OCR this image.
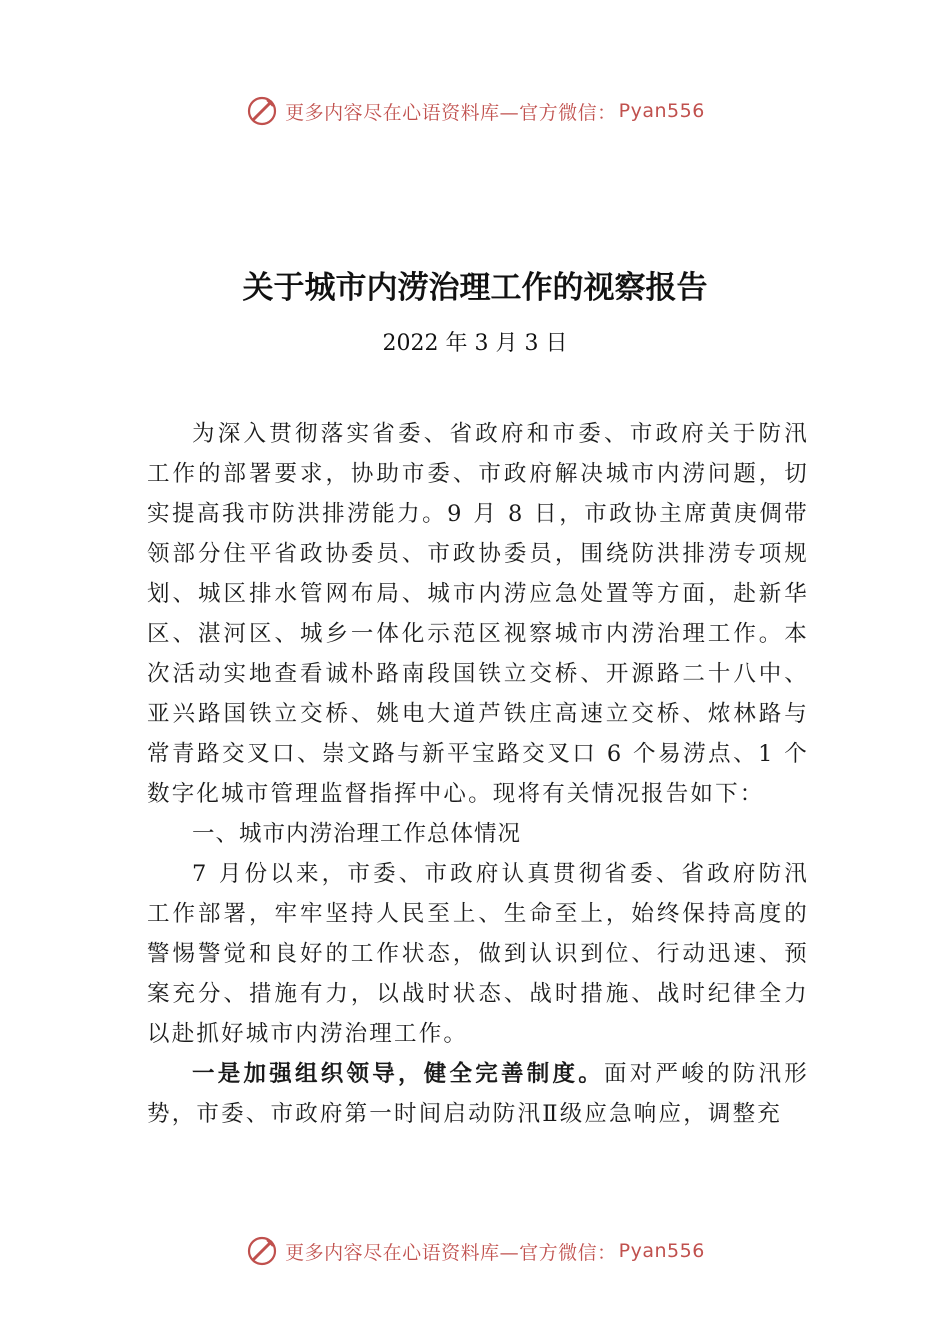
更多内容尽在心语资料库—官方微信： Pyan556
关于城市内涝治理工作的视察报告
2022 年 3 月 3 日

为深入贯彻落实省委、省政府和市委、市政府关于防汛工作的部署要求，协助市委、市政府解决城市内涝问题，切实提高我市防洪排涝能力。9 月 8 日，市政协主席黄庚倜带领部分住平省政协委员、市政协委员，围绕防洪排涝专项规划、城区排水管网布局、城市内涝应急处置等方面，赴新华区、湛河区、城乡一体化示范区视察城市内涝治理工作。本次活动实地查看诚朴路南段国铁立交桥、开源路二十八中、亚兴路国铁立交桥、姚电大道芦铁庄高速立交桥、㶶林路与常青路交叉口、崇文路与新平宝路交叉口 6 个易涝点、1 个数字化城市管理监督指挥中心。现将有关情况报告如下：

一、城市内涝治理工作总体情况

7 月份以来，市委、市政府认真贯彻省委、省政府防汛工作部署，牢牢坚持人民至上、生命至上，始终保持高度的警惕警觉和良好的工作状态，做到认识到位、行动迅速、预案充分、措施有力，以战时状态、战时措施、战时纪律全力以赴抓好城市内涝治理工作。

一是加强组织领导，健全完善制度。面对严峻的防汛形势，市委、市政府第一时间启动防汛Ⅱ级应急响应，调整充

更多内容尽在心语资料库—官方微信： Pyan556
